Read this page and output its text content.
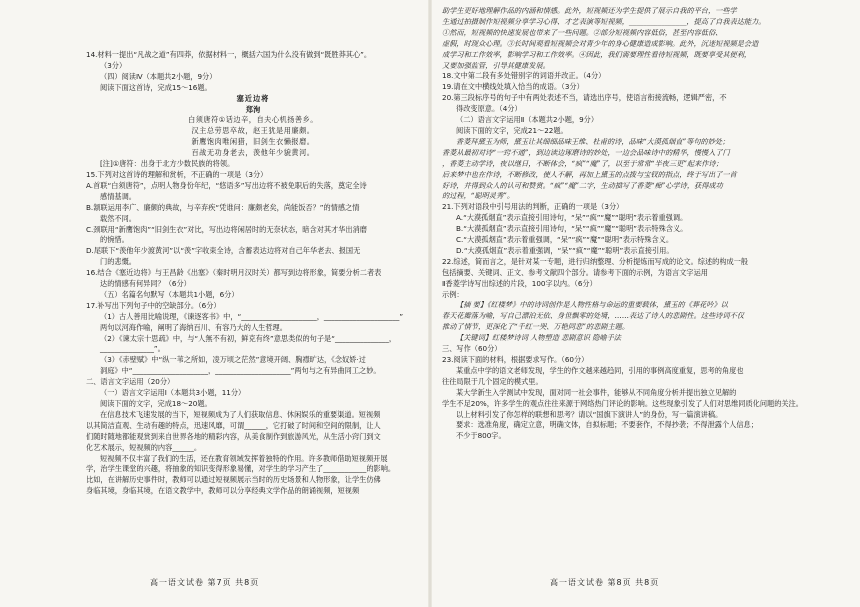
14.材料一提出“凡战之道”有四莽，依据材料一，概括六国为什么没有做到“既胜莽其心”。
（3分）
（四）阅读Ⅳ（本题共2小题，9分）
阅读下面这首诗，完成15～16题。
塞近边将
郑洵
白须唐符①话边辛，自夫心机扬善乡。
汉主总劳思卒故，赵王犹是用廉颇。
新鹰饱肉唯闲猎，旧剑生衣懒报磨。
百战无功身老去，羡他年少貌黄河。
[注]①唐符：出身于北方少数民族的将领。
15.下列对这首诗的理解和赏析，不正确的一项是（3分）
A.首联“白须唐符”，点明人物身份年纪，“悠语多”写出边将不被免职后的失落，奠定全诗
感情基调。
B.颔联运用李广、廉颇的典故，与辛弃疾“凭谁问：廉颇老矣，尚能饭否？”的情感之情
载然不同。
C.颈联用“新鹰饱肉”“旧剑生衣”对比，写出边将闲居时的无奈状态，暗含对其才华出消磨
的惋惜。
D.尾联下“羡他年少渡黄河”以“羡”字收束全诗，含蓄表达边将对自己年华老去、报国无
门的悲慨。
16.结合《塞近边将》与王昌龄《出塞》（秦时明月汉时关）都写到边将形象，简要分析二者表
达的情感有何异同？（6分）
（五）名篇名句默写（本题共1小题，6分）
17.补写出下列句子中的空缺部分。（6分）
（1）古人善用比喻说理，《谏逐客书》中，“_____________________，_____________________”
两句以河海作喻，阐明了海纳百川、有容乃大的人生哲理。
（2）《谏太宗十思疏》中，与“人無不有初，鲜克有终”意思类似的句子是“_______________，
_______________”。
（3）《赤壁赋》中“纵一苇之所如，凌万顷之茫然”意境开阔、胸襟旷达，《念奴娇·过
洞庭》中“_____________________，_____________________”两句与之有异曲同工之妙。
二、语言文字运用（20分）
（一）语言文字运用Ⅰ（本题共3小题，11分）
阅读下面的文字，完成18～20题。
在信息技术飞速发展的当下，短视频成为了人们获取信息、休闲娱乐的重要渠道。短视频
以其简洁直观、生动有趣的特点，迅速风靡，可谓______，它打破了时间和空间的限制，让人
们随时随地都能观赏到来自世界各地的精彩内容，从美食制作到旅游风光，从生活小窍门到文
化艺术展示，短视频的内容______。
短视频不仅丰富了我们的生活，还在教育领域发挥着独特的作用。许多教师借助短视频开展
学，治学生课堂的兴趣，将抽象的知识变得形象易懂，对学生的学习产生了____________的影响。
比如，在讲解历史事件时，教师可以通过短视频展示当时的历史场景和人物形象，让学生仿佛
身临其境，身临其境，在语文教学中，教师可以分享经典文学作品的朗诵视频，短视频

高一语文试卷 第7页 共8页
助学生更好地理解作品的内涵和情感。此外，短视频还为学生提供了展示自我的平台，一些学
生通过拍摄制作短视频分享学习心得、才艺表演等短视频，________________，提高了自我表达能力。
①然而，短视频的快速发展也带来了一些问题。②部分短视频内容低俗，甚至内容低俗、
虚假，时现众心理。③长时间观看短视频会对青少年的身心健康造成影响。此外，沉迷短视频是会造
成学习和工作效率，影响学习和工作效率。④因此，我们需要理性看待短视频，既要享受其便利，
又要加强监管，引导其健康发展。
18.文中第二段有多处错别字的词语并改正。（4分）
19.请在文中横线处填入恰当的成语。（3分）
20.第三段标序号的句子中有两处表述不当，请选出序号，使语言衔接流畅，逻辑严密，不
得改变原意。（4分）
（二）语言文字运用Ⅱ（本题共2小题，9分）
阅读下面的文字，完成21～22题。
香菱拜黛玉为师，黛玉让其细细品味王维、杜甫的诗，品味“大漠孤烟直”等句的妙处；
香菱从最初对诗“一窍不通”，到边读边琢磨诗的妙处，一边会品味诗中的精华，慢慢入了门
，香菱主动学诗，夜以继日，不断体会，“疯”“魔”了，以至于常常“半夜三更”起来作诗；
后来梦中也在作诗，不断修改，使人不解，再加上黛玉的点拨与宝钗的指点，终于写出了一首
好诗，并得到众人的认可和赞赏。“疯”“魔”二字，生动描写了香菱“痴”心学诗，获得成功
的过程，“聪明灵秀”。
21.下列对语段中引号用法的判断，正确的一项是（3分）
A.“大漠孤烟直”表示直接引用诗句，“呆”“疯”“魔”“聪明”表示着重强调。
B.“大漠孤烟直”表示直接引用诗句，“呆”“疯”“魔”“聪明”表示特殊含义。
C.“大漠孤烟直”表示着重强调，“呆”“疯”“魔”“聪明”表示特殊含义。
D.“大漠孤烟直”表示着重强调，“呆”“疯”“魔”“聪明”表示直接引用。
22.综述，简而言之，是针对某一专题，进行归纳整理、分析提炼而写成的论文。综述的构成一般
包括摘要、关键词、正文、参考文献四个部分。请参考下面的示例，为语言文字运用
Ⅱ香菱学诗写出综述的片段，100字以内。（6分）
示例：
【摘 要】《红楼梦》中的诗词创作是人物性格与命运的重要载体，黛玉的《葬花吟》以
春天花瓣落为喻，写自己漂泊无依、身世飘零的处境，……表达了诗人的悲剧性。这些诗词不仅
推动了情节，更深化了“千红一哭、万艳同悲”的悲剧主题。
【关键词】红楼梦诗词 人物塑造 悲剧意识 隐喻手法
三、写作（60分）
23.阅读下面的材料，根据要求写作。（60分）
某重点中学的语文老师发现，学生的作文越来越趋同，引用的事例高度重复，思考的角度也
往往局限于几个固定的模式里。
某大学新生入学测试中发现，面对同一社会事件，能够从不同角度分析并提出独立见解的
学生不足20%，许多学生的观点往往来源于网络热门评论的影响。这些现象引发了人们对思维同质化问题的关注。
以上材料引发了你怎样的联想和思考？请以“国旗下演讲人”的身份，写一篇演讲稿。
要求：选准角度，确定立意，明确文体，自拟标题；不要套作，不得抄袭；不得泄露个人信息；
不少于800字。
高一语文试卷 第8页 共8页
